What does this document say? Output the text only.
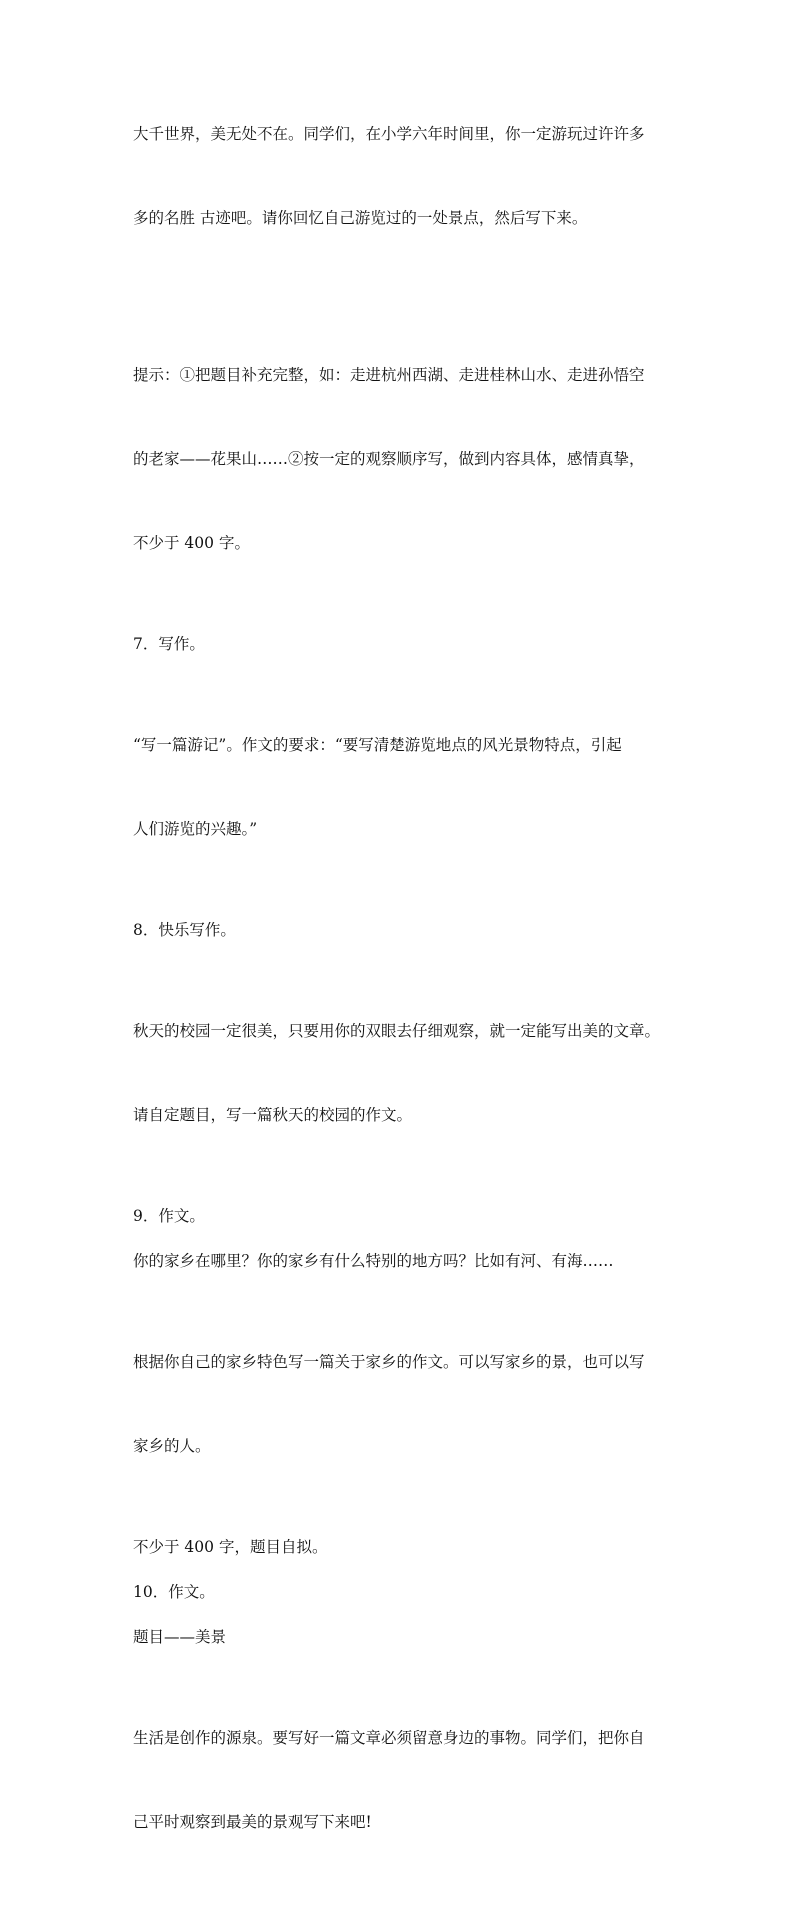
大千世界，美无处不在。同学们，在小学六年时间里，你一定游玩过许许多

多的名胜 古迹吧。请你回忆自己游览过的一处景点，然后写下来。

提示：①把题目补充完整，如：走进杭州西湖、走进桂林山水、走进孙悟空

的老家——花果山……②按一定的观察顺序写，做到内容具体，感情真挚，

不少于 400 字。

7．写作。

“写一篇游记”。作文的要求：“要写清楚游览地点的风光景物特点，引起

人们游览的兴趣。”

8．快乐写作。

秋天的校园一定很美，只要用你的双眼去仔细观察，就一定能写出美的文章。

请自定题目，写一篇秋天的校园的作文。

9．作文。

你的家乡在哪里？你的家乡有什么特别的地方吗？比如有河、有海……

根据你自己的家乡特色写一篇关于家乡的作文。可以写家乡的景，也可以写

家乡的人。

不少于 400 字，题目自拟。

10．作文。

题目——美景

生活是创作的源泉。要写好一篇文章必须留意身边的事物。同学们，把你自

己平时观察到最美的景观写下来吧!
